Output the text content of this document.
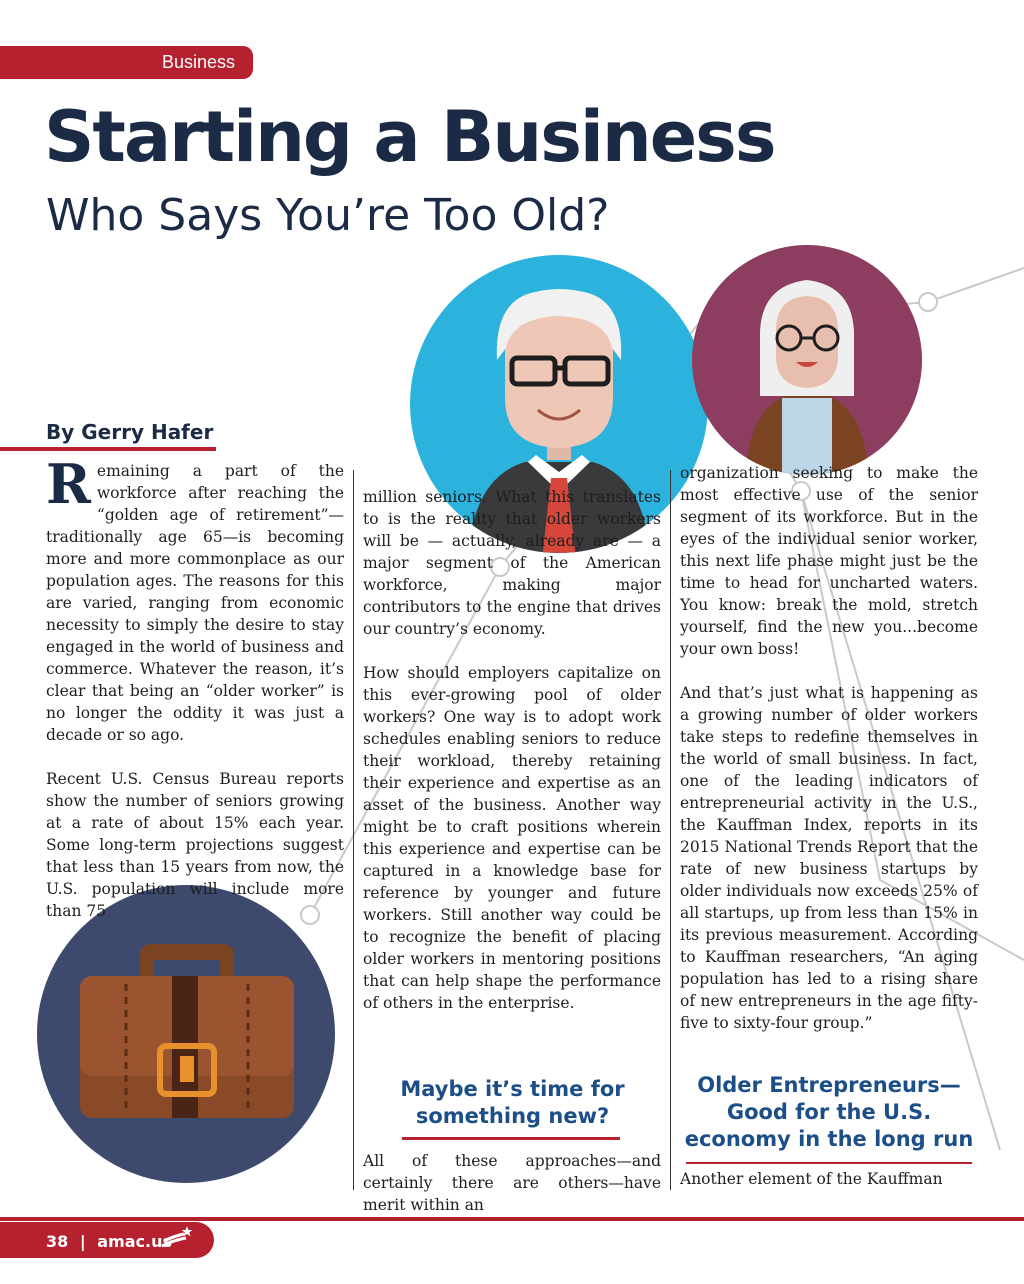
Business
Starting a Business
Who Says You’re Too Old?
By Gerry Hafer

Remaining a part of the workforce after reaching the “golden age of retirement”—traditionally age 65—is becoming more and more commonplace as our population ages. The reasons for this are varied, ranging from economic necessity to simply the desire to stay engaged in the world of business and commerce. Whatever the reason, it’s clear that being an “older worker” is no longer the oddity it was just a decade or so ago.

Recent U.S. Census Bureau reports show the number of seniors growing at a rate of about 15% each year. Some long-term projections suggest that less than 15 years from now, the U.S. population will include more than 75

million seniors. What this translates to is the reality that older workers will be — actually, already are — a major segment of the American workforce, making major contributors to the engine that drives our country’s economy.

How should employers capitalize on this ever-growing pool of older workers? One way is to adopt work schedules enabling seniors to reduce their workload, thereby retaining their experience and expertise as an asset of the business. Another way might be to craft positions wherein this experience and expertise can be captured in a knowledge base for reference by younger and future workers. Still another way could be to recognize the benefit of placing older workers in mentoring positions that can help shape the performance of others in the enterprise.

Maybe it’s time for something new?
All of these approaches—and certainly there are others—have merit within an

organization seeking to make the most effective use of the senior segment of its workforce. But in the eyes of the individual senior worker, this next life phase might just be the time to head for uncharted waters. You know: break the mold, stretch yourself, find the new you...become your own boss!

And that’s just what is happening as a growing number of older workers take steps to redefine themselves in the world of small business. In fact, one of the leading indicators of entrepreneurial activity in the U.S., the Kauffman Index, reports in its 2015 National Trends Report that the rate of new business startups by older individuals now exceeds 25% of all startups, up from less than 15% in its previous measurement. According to Kauffman researchers, “An aging population has led to a rising share of new entrepreneurs in the age fifty-five to sixty-four group.”

Older Entrepreneurs— Good for the U.S. economy in the long run
Another element of the Kauffman
38 | amac.us
